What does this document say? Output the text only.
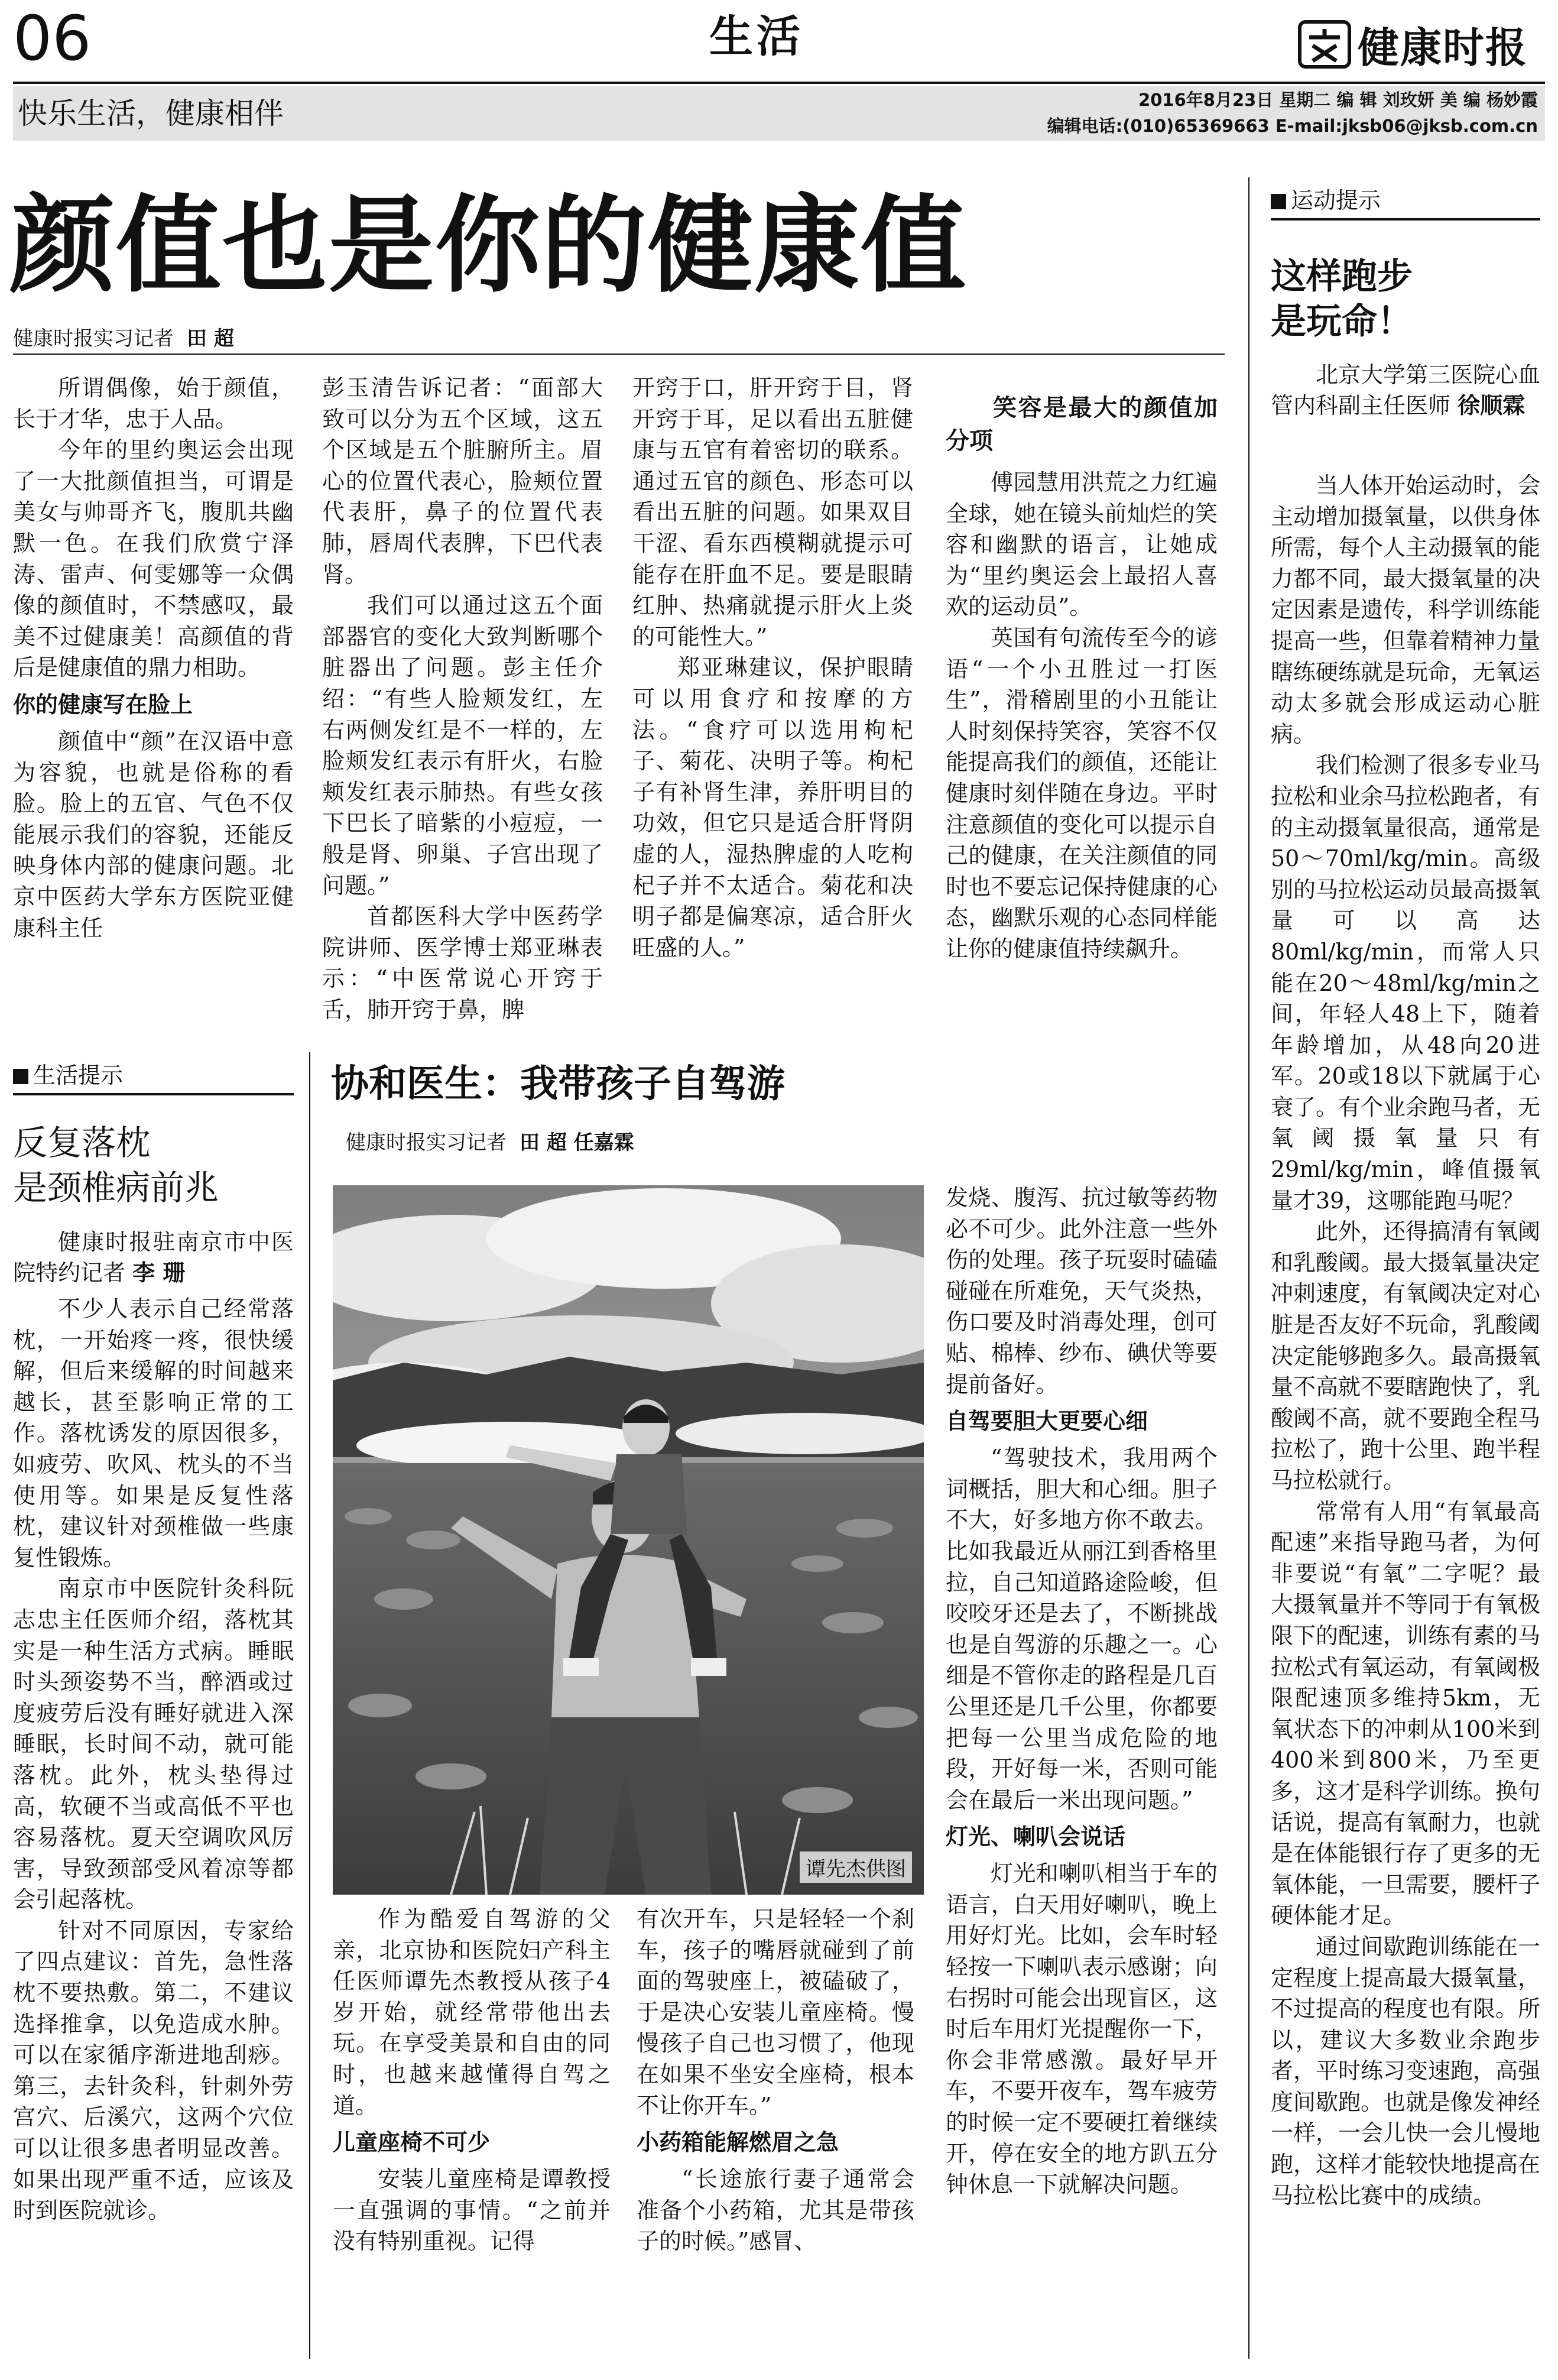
06	生活	健康时报
快乐生活，健康相伴	2016年8月23日 星期二 编 辑 刘玫妍 美 编 杨妙霞
编辑电话:(010)65369663 E-mail:jksb06@jksb.com.cn
颜值也是你的健康值
健康时报实习记者 田 超

所谓偶像，始于颜值，长于才华，忠于人品。

今年的里约奥运会出现了一大批颜值担当，可谓是美女与帅哥齐飞，腹肌共幽默一色。在我们欣赏宁泽涛、雷声、何雯娜等一众偶像的颜值时，不禁感叹，最美不过健康美！高颜值的背后是健康值的鼎力相助。

你的健康写在脸上

颜值中“颜”在汉语中意为容貌，也就是俗称的看脸。脸上的五官、气色不仅能展示我们的容貌，还能反映身体内部的健康问题。北京中医药大学东方医院亚健康科主任

彭玉清告诉记者：“面部大致可以分为五个区域，这五个区域是五个脏腑所主。眉心的位置代表心，脸颊位置代表肝，鼻子的位置代表肺，唇周代表脾，下巴代表肾。

我们可以通过这五个面部器官的变化大致判断哪个脏器出了问题。彭主任介绍：“有些人脸颊发红，左右两侧发红是不一样的，左脸颊发红表示有肝火，右脸颊发红表示肺热。有些女孩下巴长了暗紫的小痘痘，一般是肾、卵巢、子宫出现了问题。”

首都医科大学中医药学院讲师、医学博士郑亚琳表示：“中医常说心开窍于舌，肺开窍于鼻，脾

开窍于口，肝开窍于目，肾开窍于耳，足以看出五脏健康与五官有着密切的联系。通过五官的颜色、形态可以看出五脏的问题。如果双目干涩、看东西模糊就提示可能存在肝血不足。要是眼睛红肿、热痛就提示肝火上炎的可能性大。”

郑亚琳建议，保护眼睛可以用食疗和按摩的方法。“食疗可以选用枸杞子、菊花、决明子等。枸杞子有补肾生津，养肝明目的功效，但它只是适合肝肾阴虚的人，湿热脾虚的人吃枸杞子并不太适合。菊花和决明子都是偏寒凉，适合肝火旺盛的人。”

笑容是最大的颜值加分项

傅园慧用洪荒之力红遍全球，她在镜头前灿烂的笑容和幽默的语言，让她成为“里约奥运会上最招人喜欢的运动员”。

英国有句流传至今的谚语“一个小丑胜过一打医生”，滑稽剧里的小丑能让人时刻保持笑容，笑容不仅能提高我们的颜值，还能让健康时刻伴随在身边。平时注意颜值的变化可以提示自己的健康，在关注颜值的同时也不要忘记保持健康的心态，幽默乐观的心态同样能让你的健康值持续飙升。

运动提示
这样跑步
是玩命！
北京大学第三医院心血管内科副主任医师 徐顺霖

当人体开始运动时，会主动增加摄氧量，以供身体所需，每个人主动摄氧的能力都不同，最大摄氧量的决定因素是遗传，科学训练能提高一些，但靠着精神力量瞎练硬练就是玩命，无氧运动太多就会形成运动心脏病。

我们检测了很多专业马拉松和业余马拉松跑者，有的主动摄氧量很高，通常是50～70ml/kg/min。高级别的马拉松运动员最高摄氧量可以高达80ml/kg/min，而常人只能在20～48ml/kg/min之间，年轻人48上下，随着年龄增加，从48向20进军。20或18以下就属于心衰了。有个业余跑马者，无氧阈摄氧量只有29ml/kg/min，峰值摄氧量才39，这哪能跑马呢？

此外，还得搞清有氧阈和乳酸阈。最大摄氧量决定冲刺速度，有氧阈决定对心脏是否友好不玩命，乳酸阈决定能够跑多久。最高摄氧量不高就不要瞎跑快了，乳酸阈不高，就不要跑全程马拉松了，跑十公里、跑半程马拉松就行。

常常有人用“有氧最高配速”来指导跑马者，为何非要说“有氧”二字呢？最大摄氧量并不等同于有氧极限下的配速，训练有素的马拉松式有氧运动，有氧阈极限配速顶多维持5km，无氧状态下的冲刺从100米到400米到800米，乃至更多，这才是科学训练。换句话说，提高有氧耐力，也就是在体能银行存了更多的无氧体能，一旦需要，腰杆子硬体能才足。

通过间歇跑训练能在一定程度上提高最大摄氧量，不过提高的程度也有限。所以，建议大多数业余跑步者，平时练习变速跑，高强度间歇跑。也就是像发神经一样，一会儿快一会儿慢地跑，这样才能较快地提高在马拉松比赛中的成绩。

生活提示
反复落枕
是颈椎病前兆
健康时报驻南京市中医院特约记者 李 珊

不少人表示自己经常落枕，一开始疼一疼，很快缓解，但后来缓解的时间越来越长，甚至影响正常的工作。落枕诱发的原因很多，如疲劳、吹风、枕头的不当使用等。如果是反复性落枕，建议针对颈椎做一些康复性锻炼。

南京市中医院针灸科阮志忠主任医师介绍，落枕其实是一种生活方式病。睡眠时头颈姿势不当，醉酒或过度疲劳后没有睡好就进入深睡眠，长时间不动，就可能落枕。此外，枕头垫得过高，软硬不当或高低不平也容易落枕。夏天空调吹风厉害，导致颈部受风着凉等都会引起落枕。

针对不同原因，专家给了四点建议：首先，急性落枕不要热敷。第二，不建议选择推拿，以免造成水肿。可以在家循序渐进地刮痧。第三，去针灸科，针刺外劳宫穴、后溪穴，这两个穴位可以让很多患者明显改善。如果出现严重不适，应该及时到医院就诊。

协和医生：我带孩子自驾游
健康时报实习记者 田 超 任嘉霖
谭先杰供图

作为酷爱自驾游的父亲，北京协和医院妇产科主任医师谭先杰教授从孩子4岁开始，就经常带他出去玩。在享受美景和自由的同时，也越来越懂得自驾之道。

儿童座椅不可少

安装儿童座椅是谭教授一直强调的事情。“之前并没有特别重视。记得

有次开车，只是轻轻一个刹车，孩子的嘴唇就碰到了前面的驾驶座上，被磕破了，于是决心安装儿童座椅。慢慢孩子自己也习惯了，他现在如果不坐安全座椅，根本不让你开车。”

小药箱能解燃眉之急

“长途旅行妻子通常会准备个小药箱，尤其是带孩子的时候。”感冒、

发烧、腹泻、抗过敏等药物必不可少。此外注意一些外伤的处理。孩子玩耍时磕磕碰碰在所难免，天气炎热，伤口要及时消毒处理，创可贴、棉棒、纱布、碘伏等要提前备好。

自驾要胆大更要心细

“驾驶技术，我用两个词概括，胆大和心细。胆子不大，好多地方你不敢去。比如我最近从丽江到香格里拉，自己知道路途险峻，但咬咬牙还是去了，不断挑战也是自驾游的乐趣之一。心细是不管你走的路程是几百公里还是几千公里，你都要把每一公里当成危险的地段，开好每一米，否则可能会在最后一米出现问题。”

灯光、喇叭会说话

灯光和喇叭相当于车的语言，白天用好喇叭，晚上用好灯光。比如，会车时轻轻按一下喇叭表示感谢；向右拐时可能会出现盲区，这时后车用灯光提醒你一下，你会非常感激。最好早开车，不要开夜车，驾车疲劳的时候一定不要硬扛着继续开，停在安全的地方趴五分钟休息一下就解决问题。
